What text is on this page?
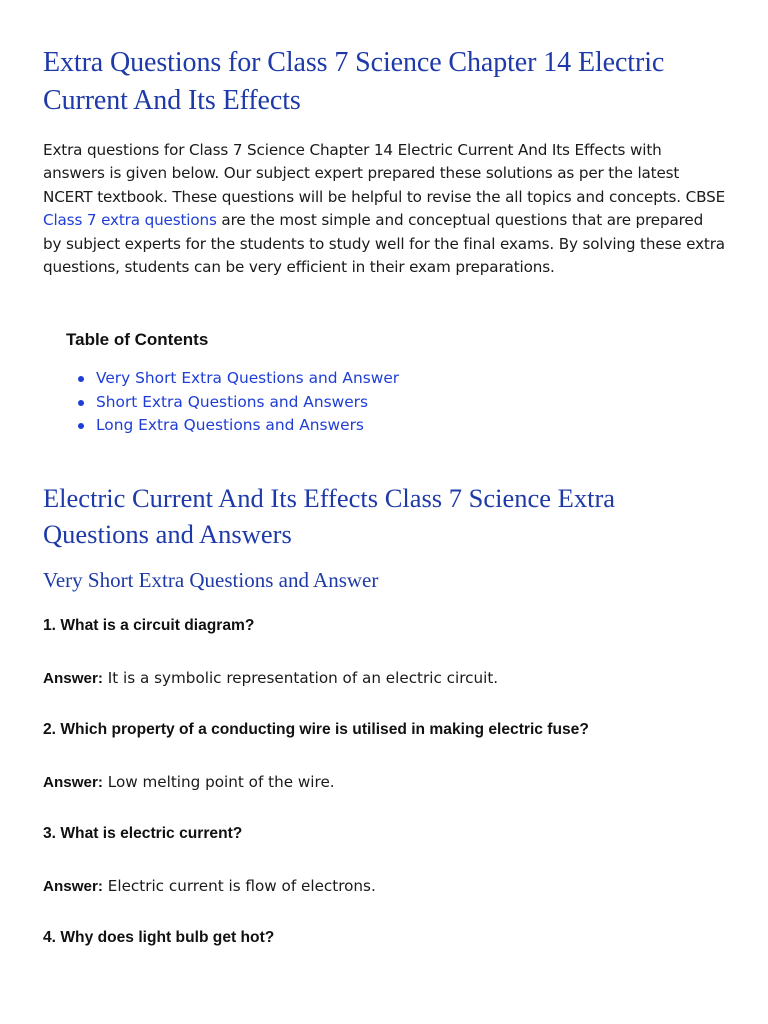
Extra Questions for Class 7 Science Chapter 14 Electric Current And Its Effects

Extra questions for Class 7 Science Chapter 14 Electric Current And Its Effects with answers is given below. Our subject expert prepared these solutions as per the latest NCERT textbook. These questions will be helpful to revise the all topics and concepts. CBSE Class 7 extra questions are the most simple and conceptual questions that are prepared by subject experts for the students to study well for the final exams. By solving these extra questions, students can be very efficient in their exam preparations.

Table of Contents
Very Short Extra Questions and Answer
Short Extra Questions and Answers
Long Extra Questions and Answers
Electric Current And Its Effects Class 7 Science Extra Questions and Answers
Very Short Extra Questions and Answer
1. What is a circuit diagram?
Answer: It is a symbolic representation of an electric circuit.
2. Which property of a conducting wire is utilised in making electric fuse?
Answer: Low melting point of the wire.
3. What is electric current?
Answer: Electric current is flow of electrons.
4. Why does light bulb get hot?
